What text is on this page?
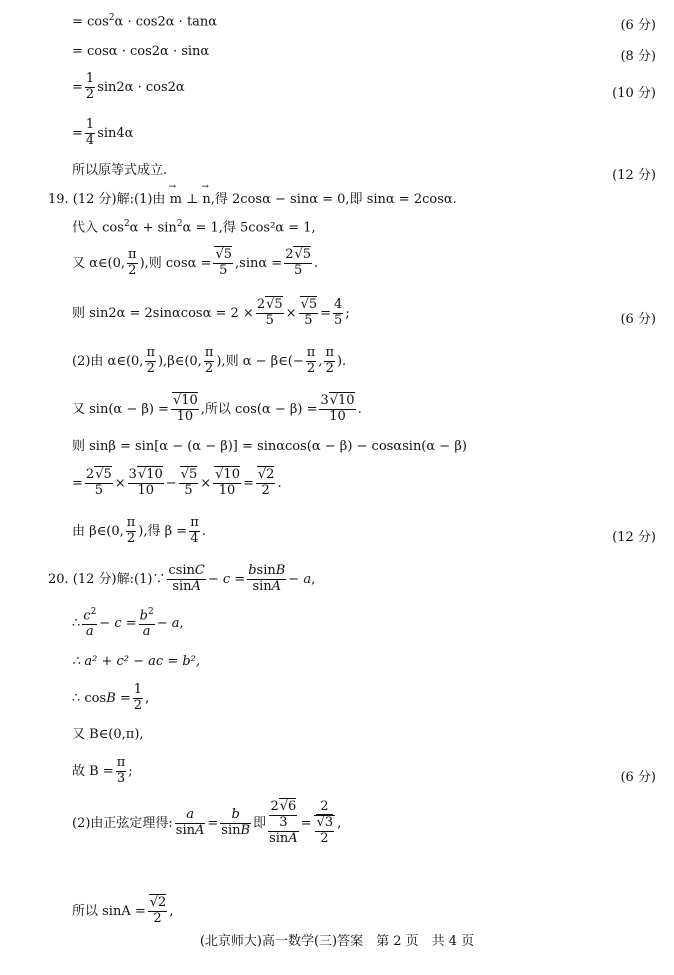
= $\cos^2\alpha \cdot \cos 2\alpha \cdot \tan\alpha$	(6 分)
= cosα · cos2α · sinα	(8 分)
= $\frac{1}{2} \sin 2\alpha \cdot \cos 2\alpha$	(10 分)
= $\frac{1}{4} \sin 4\alpha$
所以原等式成立.	(12 分)
19. (12 分)解:(1)由 → m ⊥ → n,得 2cosα − sinα = 0,即 sinα = 2cosα.
代入 $\cos^2\alpha + \sin^2\alpha = 1$,得 5cos²α = 1,
又 α∈(0, $\frac{\pi}{2}$ ),则 $\cos\alpha = \frac{√5}{5} ,\sin\alpha = \frac{2√5}{5}$ .
则 $\sin 2\alpha = 2\sin\alpha\cos\alpha = 2 \times \frac{2√5}{5} \times \frac{√5}{5} = \frac{4}{5}$ ;	(6 分)
(2)由 α∈(0, $\frac{\pi}{2}$ ),β∈(0, $\frac{\pi}{2}$ ),则 α − β∈(− $\frac{\pi}{2}$ , $\frac{\pi}{2}$ ).
又 $\sin(\alpha - \beta) = \frac{√10}{10}$ ,所以 $\cos(\alpha - \beta) = \frac{3√10}{10}$ .
则 sinβ = sin[α − (α − β)] = sinαcos(α − β) − cosαsin(α − β)
= $\frac{2√5}{5} \times \frac{3√10}{10} - \frac{√5}{5} \times \frac{√10}{10} = \frac{√2}{2}$ .
由 β∈(0, $\frac{\pi}{2}$ ),得 $\beta = \frac{\pi}{4}$ .	(12 分)
20. (12 分)解:(1)∵ $\frac{csinC}{\sin A} - c = \frac{bsinB}{\sin A} - a$,
∴ $\frac{c^2}{a} - c = \frac{b^2}{a} - a$,
∴ a² + c² − ac = b²,
∴ $\cos B = \frac{1}{2}$ ,
又 B∈(0,π),
故 $B = \frac{\pi}{3}$ ;	(6 分)
(2)由正弦定理得: $\frac{a}{\sin A} = \frac{b}{\sin B}$ 即 $\frac{\frac{2√6}{3}}{\sin A} = \frac{2}{\frac{√3}{2}}$ ,
所以 $\sin A = \frac{√2}{2}$ ,
(北京师大)高一数学(三)答案　第 2 页　共 4 页
